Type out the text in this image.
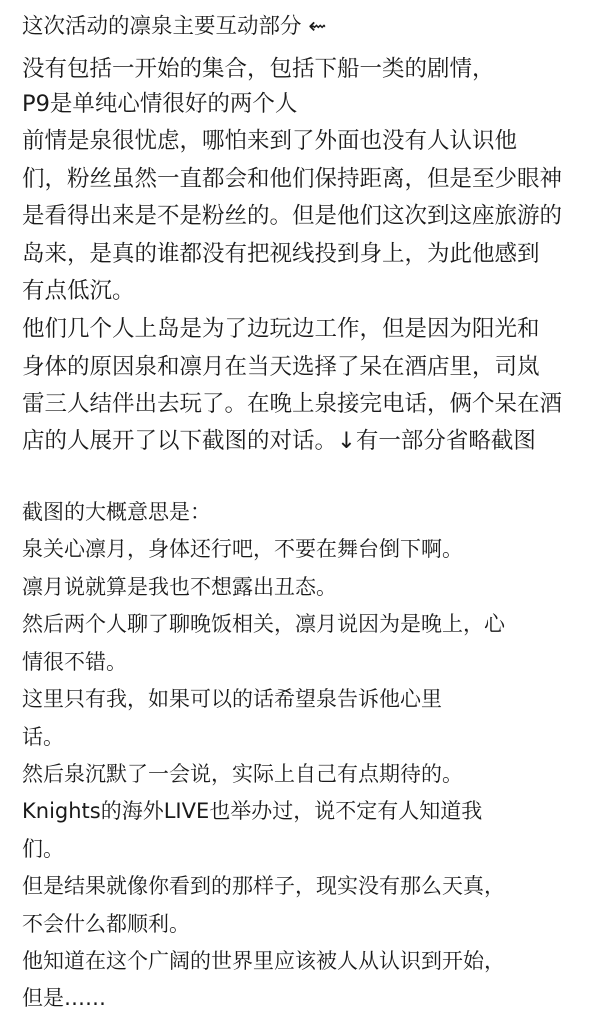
这次活动的凛泉主要互动部分 ⇜
没有包括一开始的集合，包括下船一类的剧情，
P9是单纯心情很好的两个人
前情是泉很忧虑，哪怕来到了外面也没有人认识他
们，粉丝虽然一直都会和他们保持距离，但是至少眼神
是看得出来是不是粉丝的。但是他们这次到这座旅游的
岛来，是真的谁都没有把视线投到身上，为此他感到
有点低沉。
他们几个人上岛是为了边玩边工作，但是因为阳光和
身体的原因泉和凛月在当天选择了呆在酒店里，司岚
雷三人结伴出去玩了。在晚上泉接完电话，俩个呆在酒
店的人展开了以下截图的对话。↓有一部分省略截图
截图的大概意思是：
泉关心凛月，身体还行吧，不要在舞台倒下啊。
凛月说就算是我也不想露出丑态。
然后两个人聊了聊晚饭相关，凛月说因为是晚上，心
情很不错。
这里只有我，如果可以的话希望泉告诉他心里
话。
然后泉沉默了一会说，实际上自己有点期待的。
Knights的海外LIVE也举办过，说不定有人知道我
们。
但是结果就像你看到的那样子，现实没有那么天真，
不会什么都顺利。
他知道在这个广阔的世界里应该被人从认识到开始，
但是……
